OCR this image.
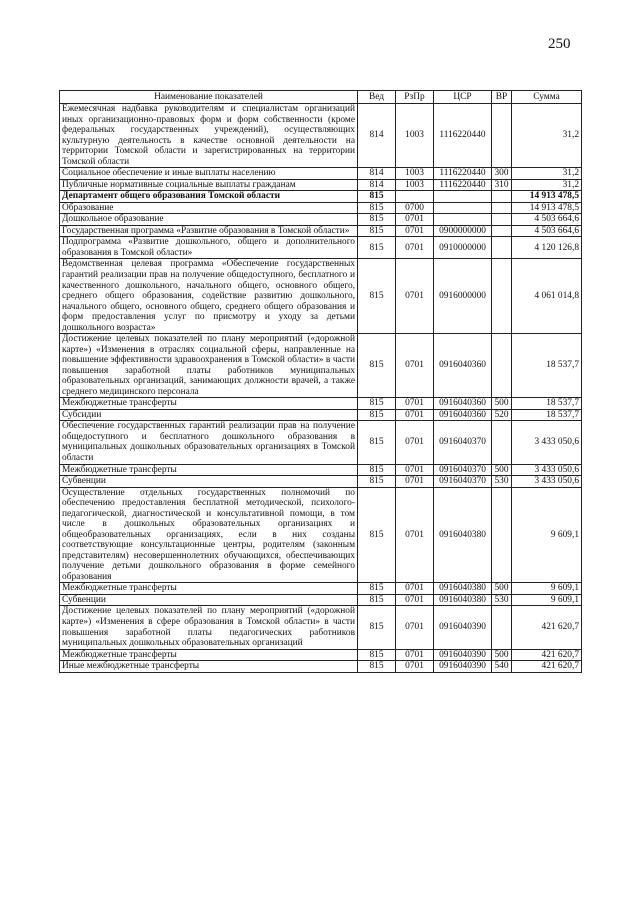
250
Наименование показателей	Вед	РзПр	ЦСР	ВР	Сумма
Ежемесячная надбавка руководителям и специалистам организаций иных организационно-правовых форм и форм собственности (кроме федеральных государственных учреждений), осуществляющих культурную деятельность в качестве основной деятельности на территории Томской области и зарегистрированных на территории Томской области	814	1003	1116220440		31,2
Социальное обеспечение и иные выплаты населению	814	1003	1116220440	300	31,2
Публичные нормативные социальные выплаты гражданам	814	1003	1116220440	310	31,2
Департамент общего образования Томской области	815				14 913 478,5
Образование	815	0700			14 913 478,5
Дошкольное образование	815	0701			4 503 664,6
Государственная программа «Развитие образования в Томской области»	815	0701	0900000000		4 503 664,6
Подпрограмма «Развитие дошкольного, общего и дополнительного образования в Томской области»	815	0701	0910000000		4 120 126,8
Ведомственная целевая программа «Обеспечение государственных гарантий реализации прав на получение общедоступного, бесплатного и качественного дошкольного, начального общего, основного общего, среднего общего образования, содействие развитию дошкольного, начального общего, основного общего, среднего общего образования и форм предоставления услуг по присмотру и уходу за детьми дошкольного возраста»	815	0701	0916000000		4 061 014,8
Достижение целевых показателей по плану мероприятий («дорожной карте») «Изменения в отраслях социальной сферы, направленные на повышение эффективности здравоохранения в Томской области» в части повышения заработной платы работников муниципальных образовательных организаций, занимающих должности врачей, а также среднего медицинского персонала	815	0701	0916040360		18 537,7
Межбюджетные трансферты	815	0701	0916040360	500	18 537,7
Субсидии	815	0701	0916040360	520	18 537,7
Обеспечение государственных гарантий реализации прав на получение общедоступного и бесплатного дошкольного образования в муниципальных дошкольных образовательных организациях в Томской области	815	0701	0916040370		3 433 050,6
Межбюджетные трансферты	815	0701	0916040370	500	3 433 050,6
Субвенции	815	0701	0916040370	530	3 433 050,6
Осуществление отдельных государственных полномочий по обеспечению предоставления бесплатной методической, психолого-педагогической, диагностической и консультативной помощи, в том числе в дошкольных образовательных организациях и общеобразовательных организациях, если в них созданы соответствующие консультационные центры, родителям (законным представителям) несовершеннолетних обучающихся, обеспечивающих получение детьми дошкольного образования в форме семейного образования	815	0701	0916040380		9 609,1
Межбюджетные трансферты	815	0701	0916040380	500	9 609,1
Субвенции	815	0701	0916040380	530	9 609,1
Достижение целевых показателей по плану мероприятий («дорожной карте») «Изменения в сфере образования в Томской области» в части повышения заработной платы педагогических работников муниципальных дошкольных образовательных организаций	815	0701	0916040390		421 620,7
Межбюджетные трансферты	815	0701	0916040390	500	421 620,7
Иные межбюджетные трансферты	815	0701	0916040390	540	421 620,7
